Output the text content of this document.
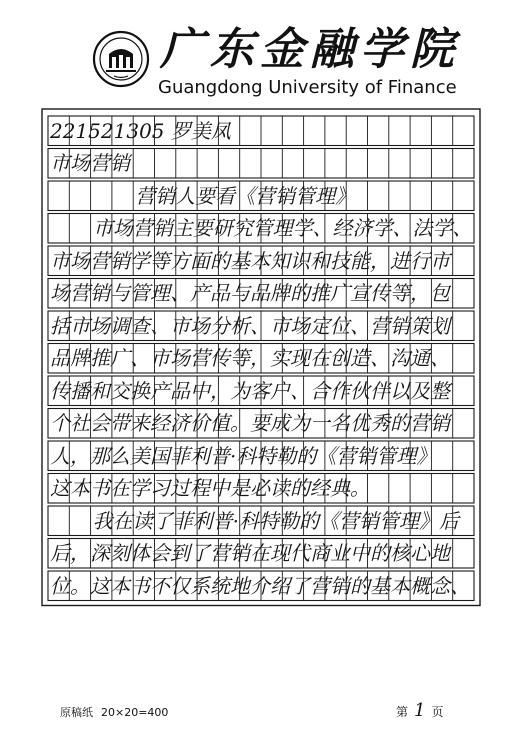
广东金融学院
Guangdong University of Finance
221521305 罗美凤
市场营销
营销人要看《营销管理》
市场营销主要研究管理学、经济学、法学、
市场营销学等方面的基本知识和技能，进行市
场营销与管理、产品与品牌的推广宣传等，包
括市场调查、市场分析、市场定位、营销策划
品牌推广、市场营传等，实现在创造、沟通、
传播和交换产品中，为客户、合作伙伴以及整
个社会带来经济价值。要成为一名优秀的营销
人，那么美国菲利普·科特勒的《营销管理》
这本书在学习过程中是必读的经典。
我在读了菲利普·科特勒的《营销管理》后
后，深刻体会到了营销在现代商业中的核心地
位。这本书不仅系统地介绍了营销的基本概念、
原稿纸 20×20=400	第 1 页
